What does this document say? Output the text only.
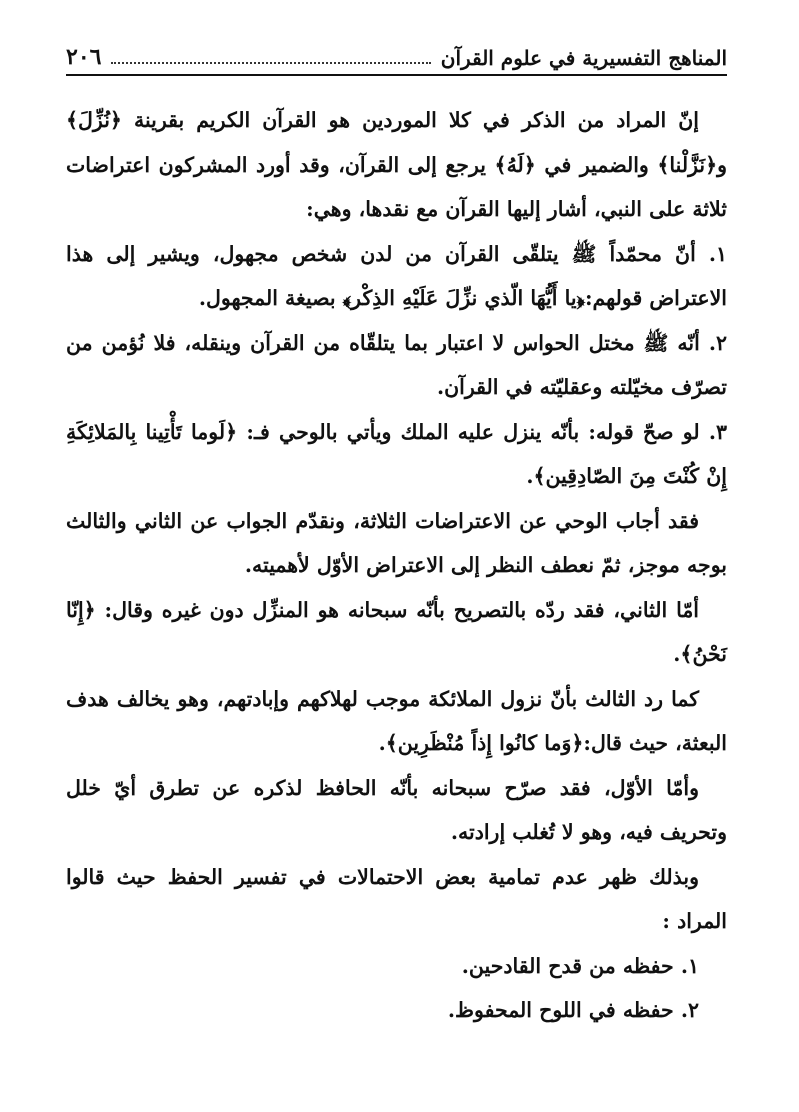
المناهج التفسيرية في علوم القرآن
٢٠٦

إنّ المراد من الذكر في كلا الموردين هو القرآن الكريم بقرينة ﴿نُزِّلَ﴾ و﴿نَزَّلْنا﴾ والضمير في ﴿لَهُ﴾ يرجع إلى القرآن، وقد أورد المشركون اعتراضات ثلاثة على النبي، أشار إليها القرآن مع نقدها، وهي:

١. أنّ محمّداً ﷺ يتلقّى القرآن من لدن شخص مجهول، ويشير إلى هذا الاعتراض قولهم:﴿يا أَيُّهَا الّذي نزِّلَ عَلَيْهِ الذِكْر﴾ بصيغة المجهول.

٢. أنّه ﷺ مختل الحواس لا اعتبار بما يتلقّاه من القرآن وينقله، فلا نُؤمن من تصرّف مخيّلته وعقليّته في القرآن.

٣. لو صحّ قوله: بأنّه ينزل عليه الملك ويأتي بالوحي فـ: ﴿لَوما تَأْتِينا بِالمَلائِكَةِ إِنْ كُنْتَ مِنَ الصّادِقِين﴾.

فقد أجاب الوحي عن الاعتراضات الثلاثة، ونقدّم الجواب عن الثاني والثالث بوجه موجز، ثمّ نعطف النظر إلى الاعتراض الأوّل لأهميته.

أمّا الثاني، فقد ردّه بالتصريح بأنّه سبحانه هو المنزِّل دون غيره وقال: ﴿إِنّا نَحْنُ﴾.

كما رد الثالث بأنّ نزول الملائكة موجب لهلاكهم وإبادتهم، وهو يخالف هدف البعثة، حيث قال:﴿وَما كانُوا إِذاً مُنْظَرِين﴾.

وأمّا الأوّل، فقد صرّح سبحانه بأنّه الحافظ لذكره عن تطرق أيّ خلل وتحريف فيه، وهو لا تُغلب إرادته.

وبذلك ظهر عدم تمامية بعض الاحتمالات في تفسير الحفظ حيث قالوا المراد :

١. حفظه من قدح القادحين.

٢. حفظه في اللوح المحفوظ.
